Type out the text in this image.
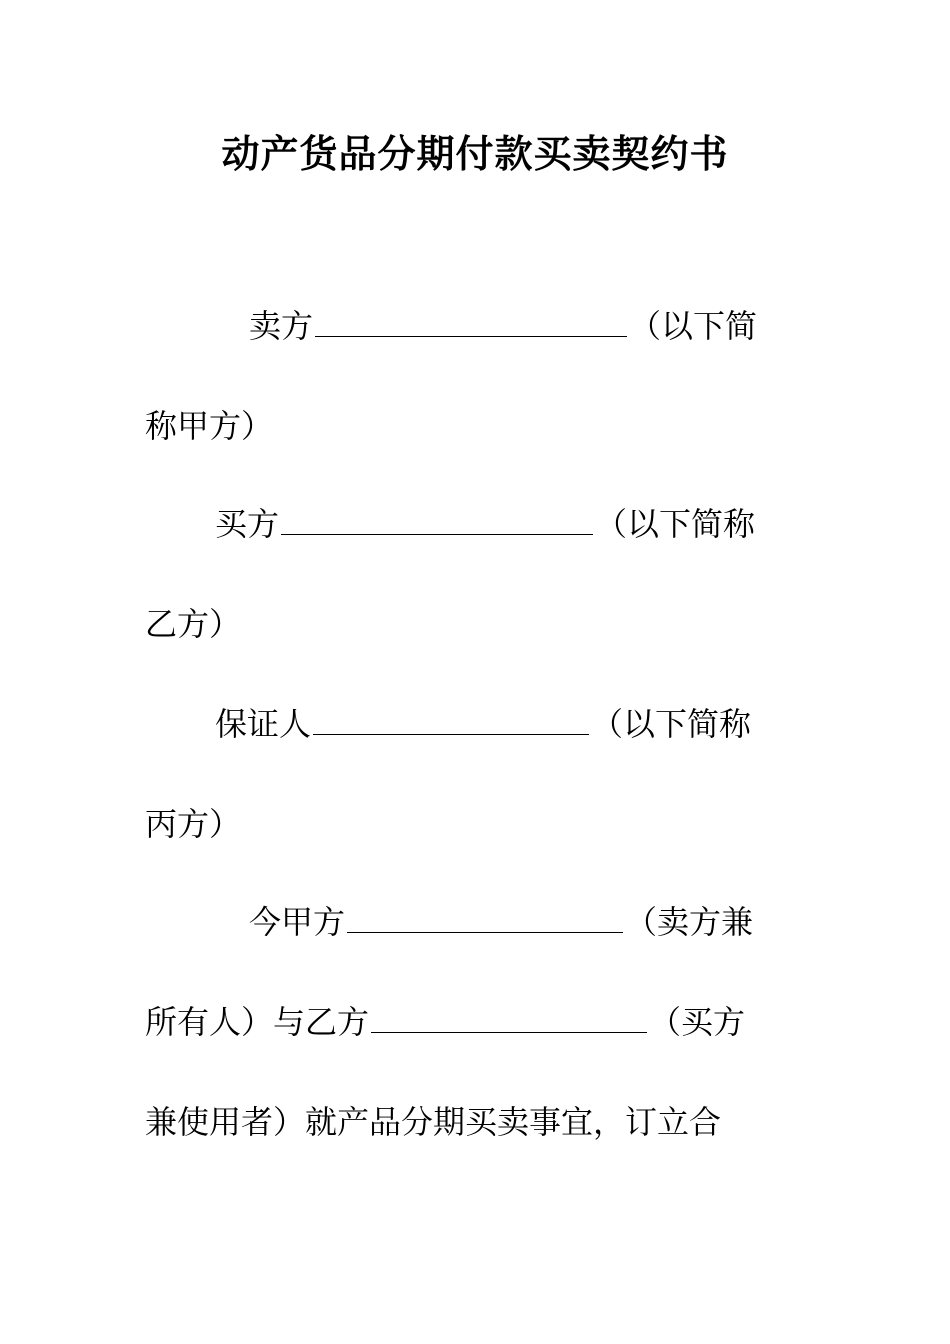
动产货品分期付款买卖契约书
卖方	（以下简
称甲方）
买方	（以下简称
乙方）
保证人	（以下简称
丙方）
今甲方	（卖方兼
所有人）与乙方	（买方
兼使用者）就产品分期买卖事宜，订立合
